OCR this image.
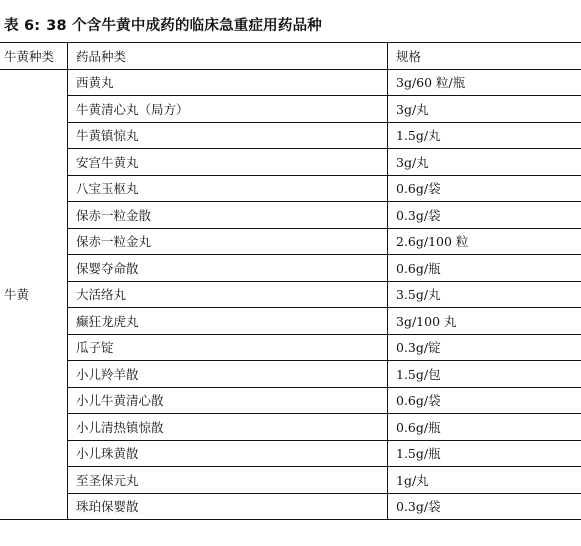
表 6: 38 个含牛黄中成药的临床急重症用药品种
牛黄种类	药品种类	规格
牛黄	西黄丸	3g/60 粒/瓶
	牛黄清心丸（局方）	3g/丸
	牛黄镇惊丸	1.5g/丸
	安宫牛黄丸	3g/丸
	八宝玉枢丸	0.6g/袋
	保赤一粒金散	0.3g/袋
	保赤一粒金丸	2.6g/100 粒
	保婴夺命散	0.6g/瓶
	大活络丸	3.5g/丸
	癫狂龙虎丸	3g/100 丸
	瓜子锭	0.3g/锭
	小儿羚羊散	1.5g/包
	小儿牛黄清心散	0.6g/袋
	小儿清热镇惊散	0.6g/瓶
	小儿珠黄散	1.5g/瓶
	至圣保元丸	1g/丸
	珠珀保婴散	0.3g/袋
